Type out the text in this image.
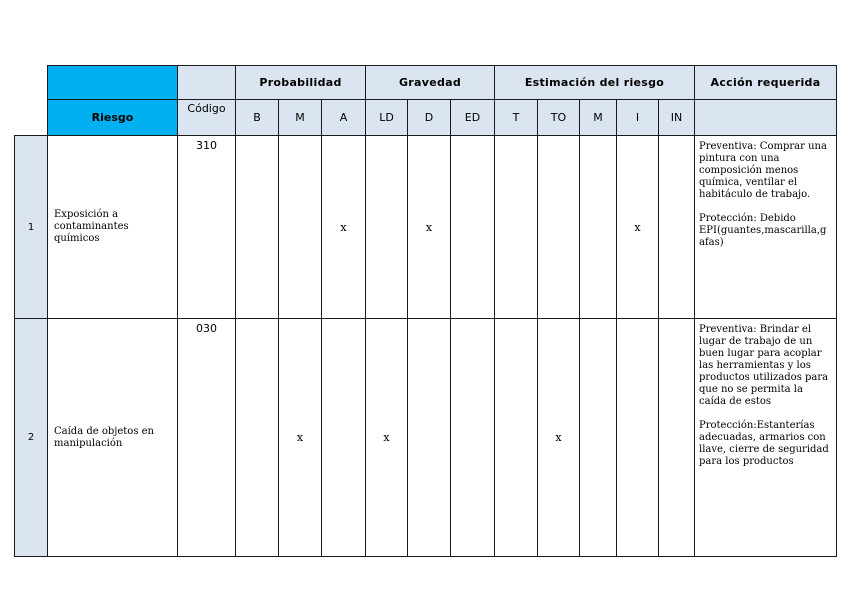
			Probabilidad			Gravedad			Estimación del riesgo					Acción requerida
	Riesgo	Código	B	M	A	LD	D	ED	T	TO	M	I	IN	
1	Exposición a contaminantes químicos	310			x		x					x		Preventiva: Comprar una pintura con una composición menos química, ventilar el habitáculo de trabajo.

Protección: Debido EPI(guantes,mascarilla,gafas)

2	Caída de objetos en manipulación	030		x		x				x				Preventiva: Brindar el lugar de trabajo de un buen lugar para acoplar las herramientas y los productos utilizados para que no se permita la caída de estos

Protección:Estanterías adecuadas, armarios con llave, cierre de seguridad para los productos
